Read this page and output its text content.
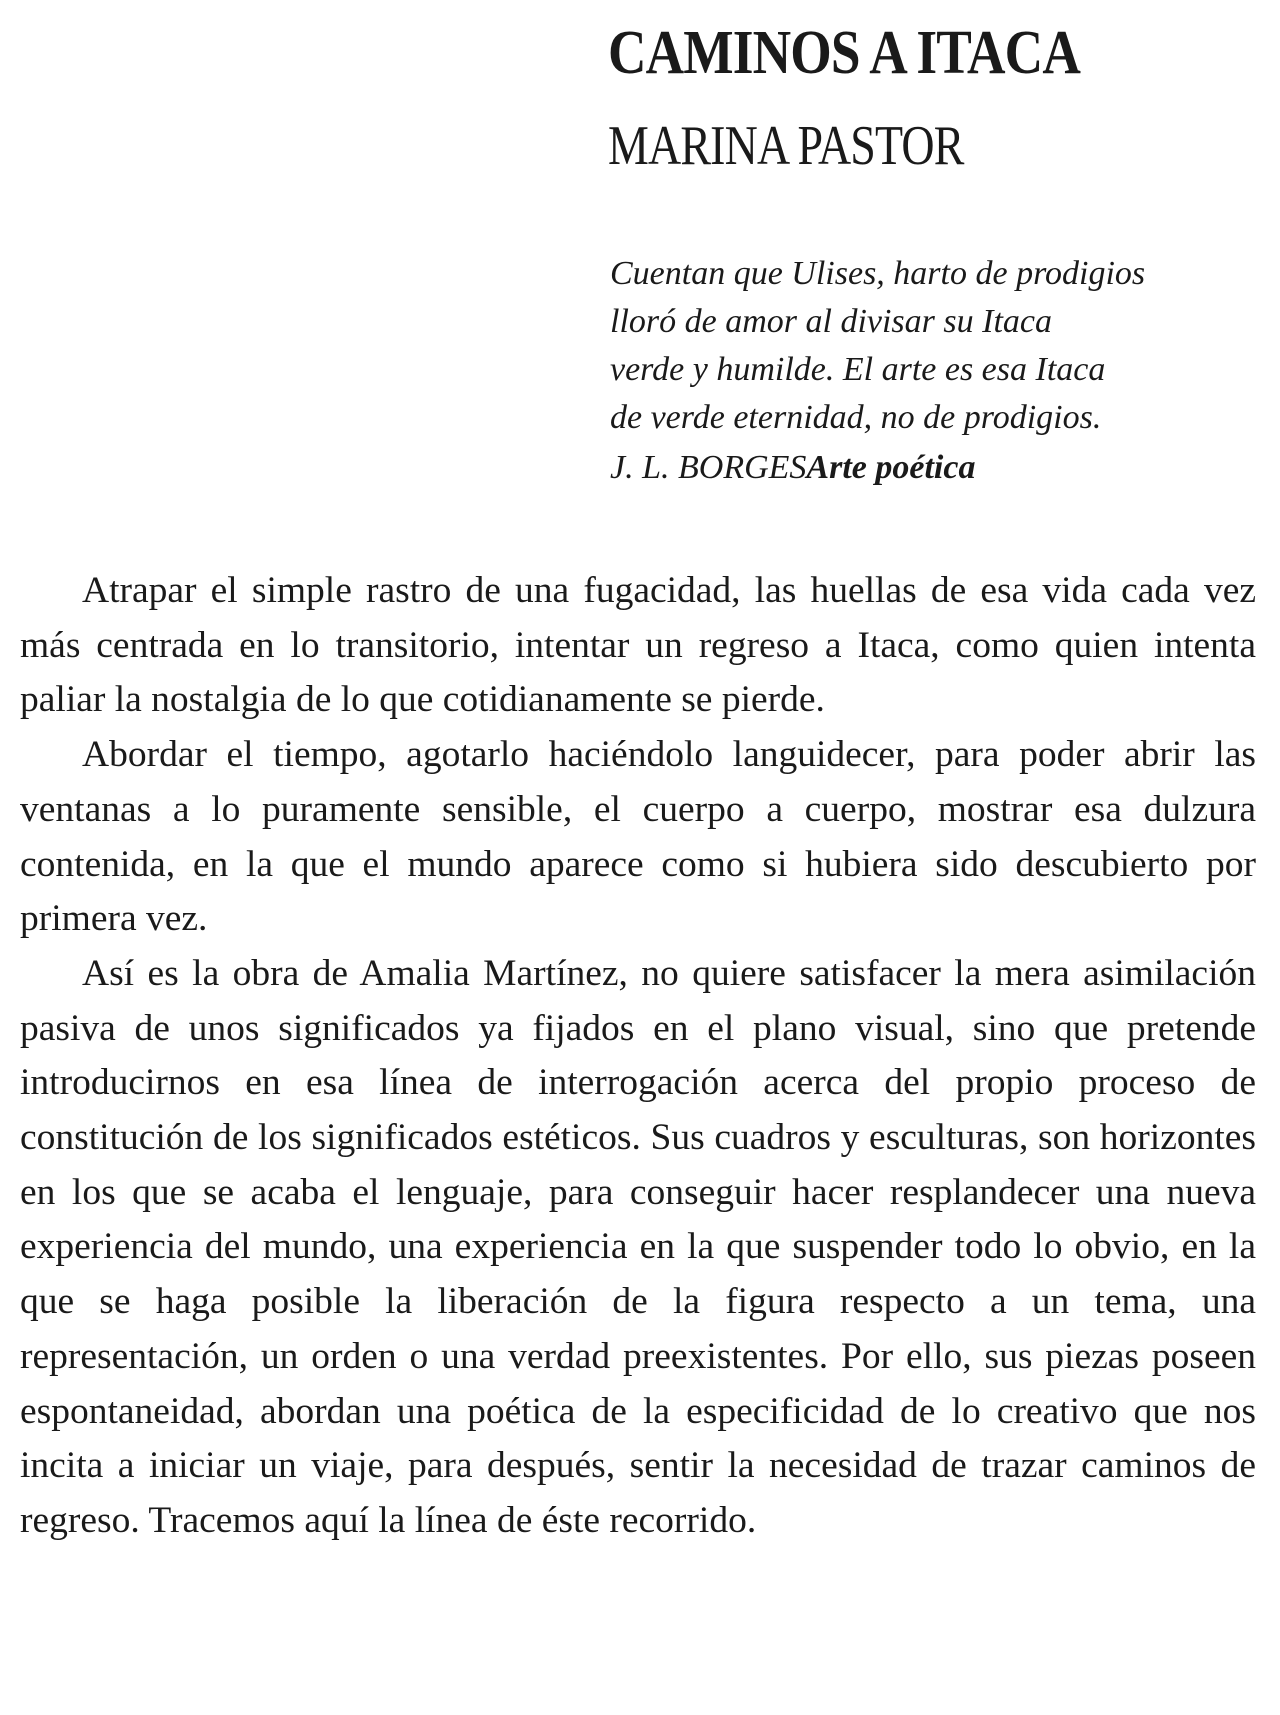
CAMINOS A ITACA
MARINA PASTOR
Cuentan que Ulises, harto de prodigios
lloró de amor al divisar su Itaca
verde y humilde. El arte es esa Itaca
de verde eternidad, no de prodigios.
J. L. BORGESArte poética

Atrapar el simple rastro de una fugacidad, las huellas de esa vida cada vez más centrada en lo transitorio, intentar un regreso a Itaca, como quien intenta paliar la nostalgia de lo que cotidianamente se pierde.

Abordar el tiempo, agotarlo haciéndolo languidecer, para poder abrir las ventanas a lo puramente sensible, el cuerpo a cuerpo, mostrar esa dulzura contenida, en la que el mundo aparece como si hubiera sido descubierto por primera vez.

Así es la obra de Amalia Martínez, no quiere satisfacer la mera asimilación pasiva de unos significados ya fijados en el plano visual, sino que pretende introducirnos en esa línea de interrogación acerca del propio proceso de constitución de los significados estéticos. Sus cuadros y esculturas, son horizontes en los que se acaba el lenguaje, para conseguir hacer resplandecer una nueva experiencia del mundo, una experiencia en la que suspender todo lo obvio, en la que se haga posible la liberación de la figura respecto a un tema, una representación, un orden o una verdad preexistentes. Por ello, sus piezas poseen espontaneidad, abordan una poética de la especificidad de lo creativo que nos incita a iniciar un viaje, para después, sentir la necesidad de trazar caminos de regreso. Tracemos aquí la línea de éste recorrido.
